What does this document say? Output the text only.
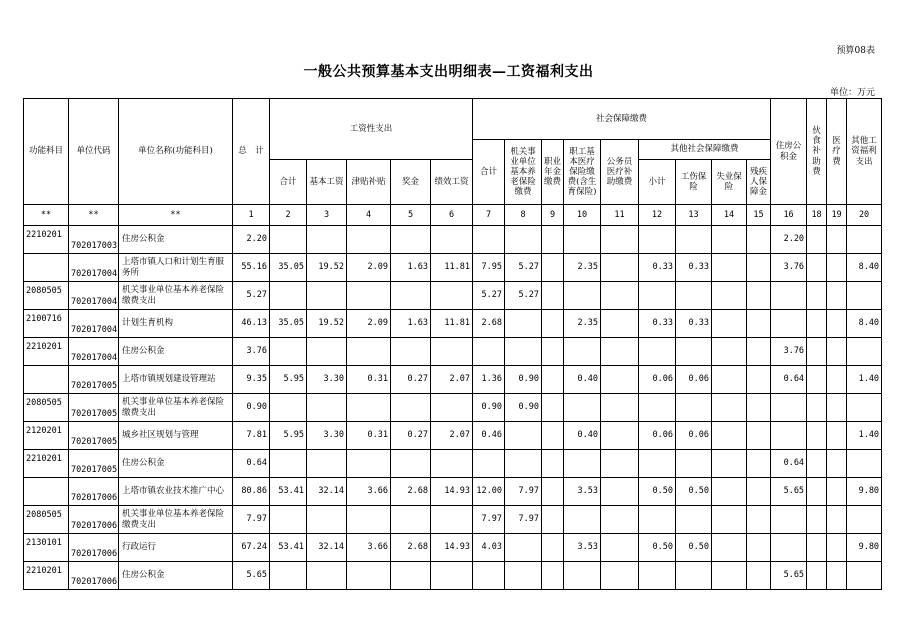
预算08表
一般公共预算基本支出明细表—工资福利支出
单位：万元
功能科目	单位代码	单位名称(功能科目)	总　计	工资性支出					社会保障缴费									住房公积金	伙食补助费	医疗费	其他工资福利支出
									合计	机关事业单位基本养老保险缴费	职业年金缴费	职工基本医疗保险缴费(含生育保险)	公务员医疗补助缴费	其他社会保障缴费							
				合计	基本工资	津贴补贴	奖金	绩效工资						小计	工伤保险	失业保险	残疾人保障金				
**	**	**	1	2	3	4	5	6	7	8	9	10	11	12	13	14	15	16	18	19	20
2210201	702017003	住房公积金	2.20															2.20			
	702017004	上塔市镇人口和计划生育服务所	55.16	35.05	19.52	2.09	1.63	11.81	7.95	5.27		2.35		0.33	0.33			3.76			8.40
2080505	702017004	机关事业单位基本养老保险缴费支出	5.27						5.27	5.27											
2100716	702017004	计划生育机构	46.13	35.05	19.52	2.09	1.63	11.81	2.68			2.35		0.33	0.33						8.40
2210201	702017004	住房公积金	3.76															3.76			
	702017005	上塔市镇规划建设管理站	9.35	5.95	3.30	0.31	0.27	2.07	1.36	0.90		0.40		0.06	0.06			0.64			1.40
2080505	702017005	机关事业单位基本养老保险缴费支出	0.90						0.90	0.90											
2120201	702017005	城乡社区规划与管理	7.81	5.95	3.30	0.31	0.27	2.07	0.46			0.40		0.06	0.06						1.40
2210201	702017005	住房公积金	0.64															0.64			
	702017006	上塔市镇农业技术推广中心	80.86	53.41	32.14	3.66	2.68	14.93	12.00	7.97		3.53		0.50	0.50			5.65			9.80
2080505	702017006	机关事业单位基本养老保险缴费支出	7.97						7.97	7.97											
2130101	702017006	行政运行	67.24	53.41	32.14	3.66	2.68	14.93	4.03			3.53		0.50	0.50						9.80
2210201	702017006	住房公积金	5.65															5.65			
